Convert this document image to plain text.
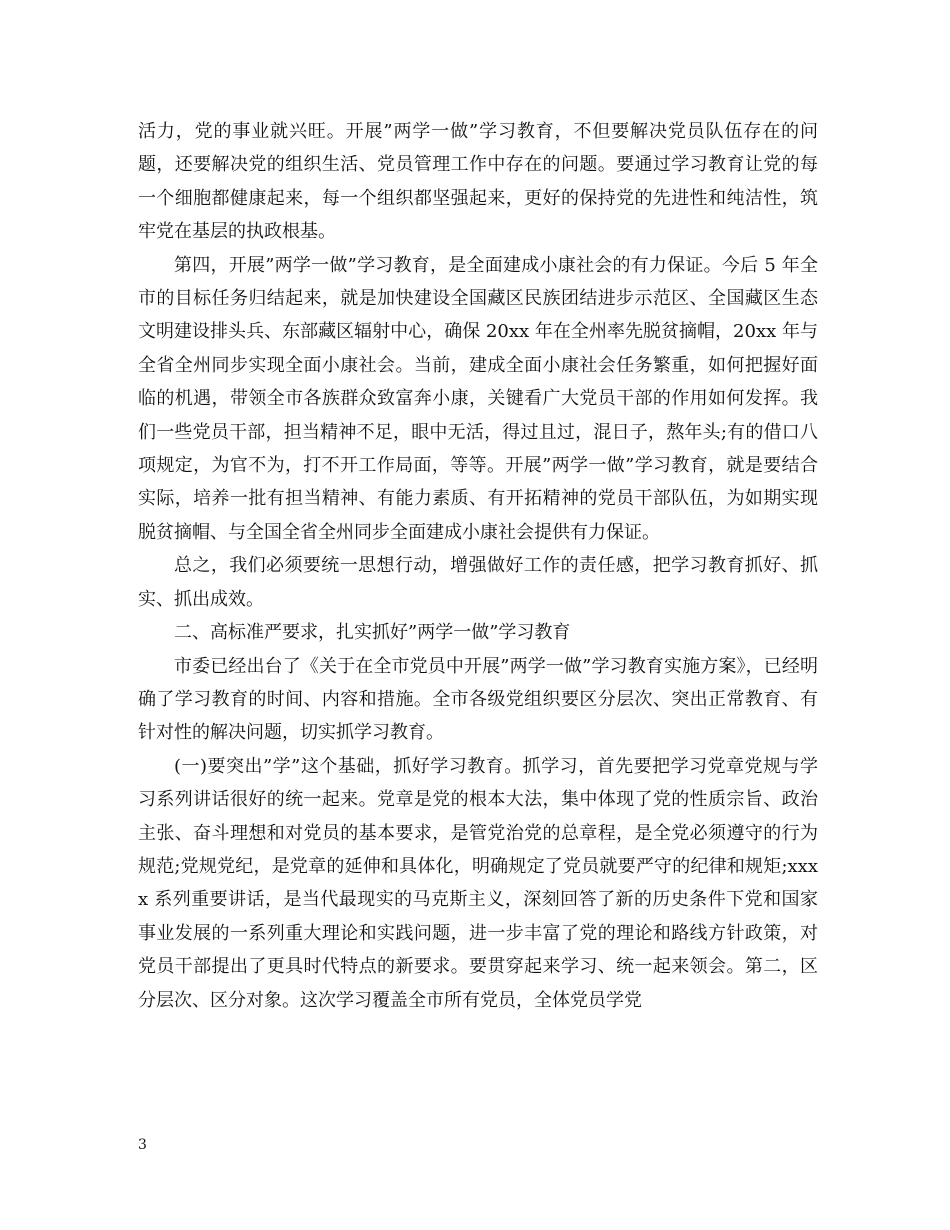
活力，党的事业就兴旺。开展”两学一做”学习教育，不但要解决党员队伍存在的问题，还要解决党的组织生活、党员管理工作中存在的问题。要通过学习教育让党的每一个细胞都健康起来，每一个组织都坚强起来，更好的保持党的先进性和纯洁性，筑牢党在基层的执政根基。

第四，开展”两学一做”学习教育，是全面建成小康社会的有力保证。今后 5 年全市的目标任务归结起来，就是加快建设全国藏区民族团结进步示范区、全国藏区生态文明建设排头兵、东部藏区辐射中心，确保 20xx 年在全州率先脱贫摘帽，20xx 年与全省全州同步实现全面小康社会。当前，建成全面小康社会任务繁重，如何把握好面临的机遇，带领全市各族群众致富奔小康，关键看广大党员干部的作用如何发挥。我们一些党员干部，担当精神不足，眼中无活，得过且过，混日子，熬年头;有的借口八项规定，为官不为，打不开工作局面，等等。开展”两学一做”学习教育，就是要结合实际，培养一批有担当精神、有能力素质、有开拓精神的党员干部队伍，为如期实现脱贫摘帽、与全国全省全州同步全面建成小康社会提供有力保证。

总之，我们必须要统一思想行动，增强做好工作的责任感，把学习教育抓好、抓实、抓出成效。

二、高标准严要求，扎实抓好”两学一做”学习教育

市委已经出台了《关于在全市党员中开展”两学一做”学习教育实施方案》，已经明确了学习教育的时间、内容和措施。全市各级党组织要区分层次、突出正常教育、有针对性的解决问题，切实抓学习教育。

(一)要突出”学”这个基础，抓好学习教育。抓学习，首先要把学习党章党规与学习系列讲话很好的统一起来。党章是党的根本大法，集中体现了党的性质宗旨、政治主张、奋斗理想和对党员的基本要求，是管党治党的总章程，是全党必须遵守的行为规范;党规党纪，是党章的延伸和具体化，明确规定了党员就要严守的纪律和规矩;xxxx 系列重要讲话，是当代最现实的马克斯主义，深刻回答了新的历史条件下党和国家事业发展的一系列重大理论和实践问题，进一步丰富了党的理论和路线方针政策，对党员干部提出了更具时代特点的新要求。要贯穿起来学习、统一起来领会。第二，区分层次、区分对象。这次学习覆盖全市所有党员，全体党员学党

3
